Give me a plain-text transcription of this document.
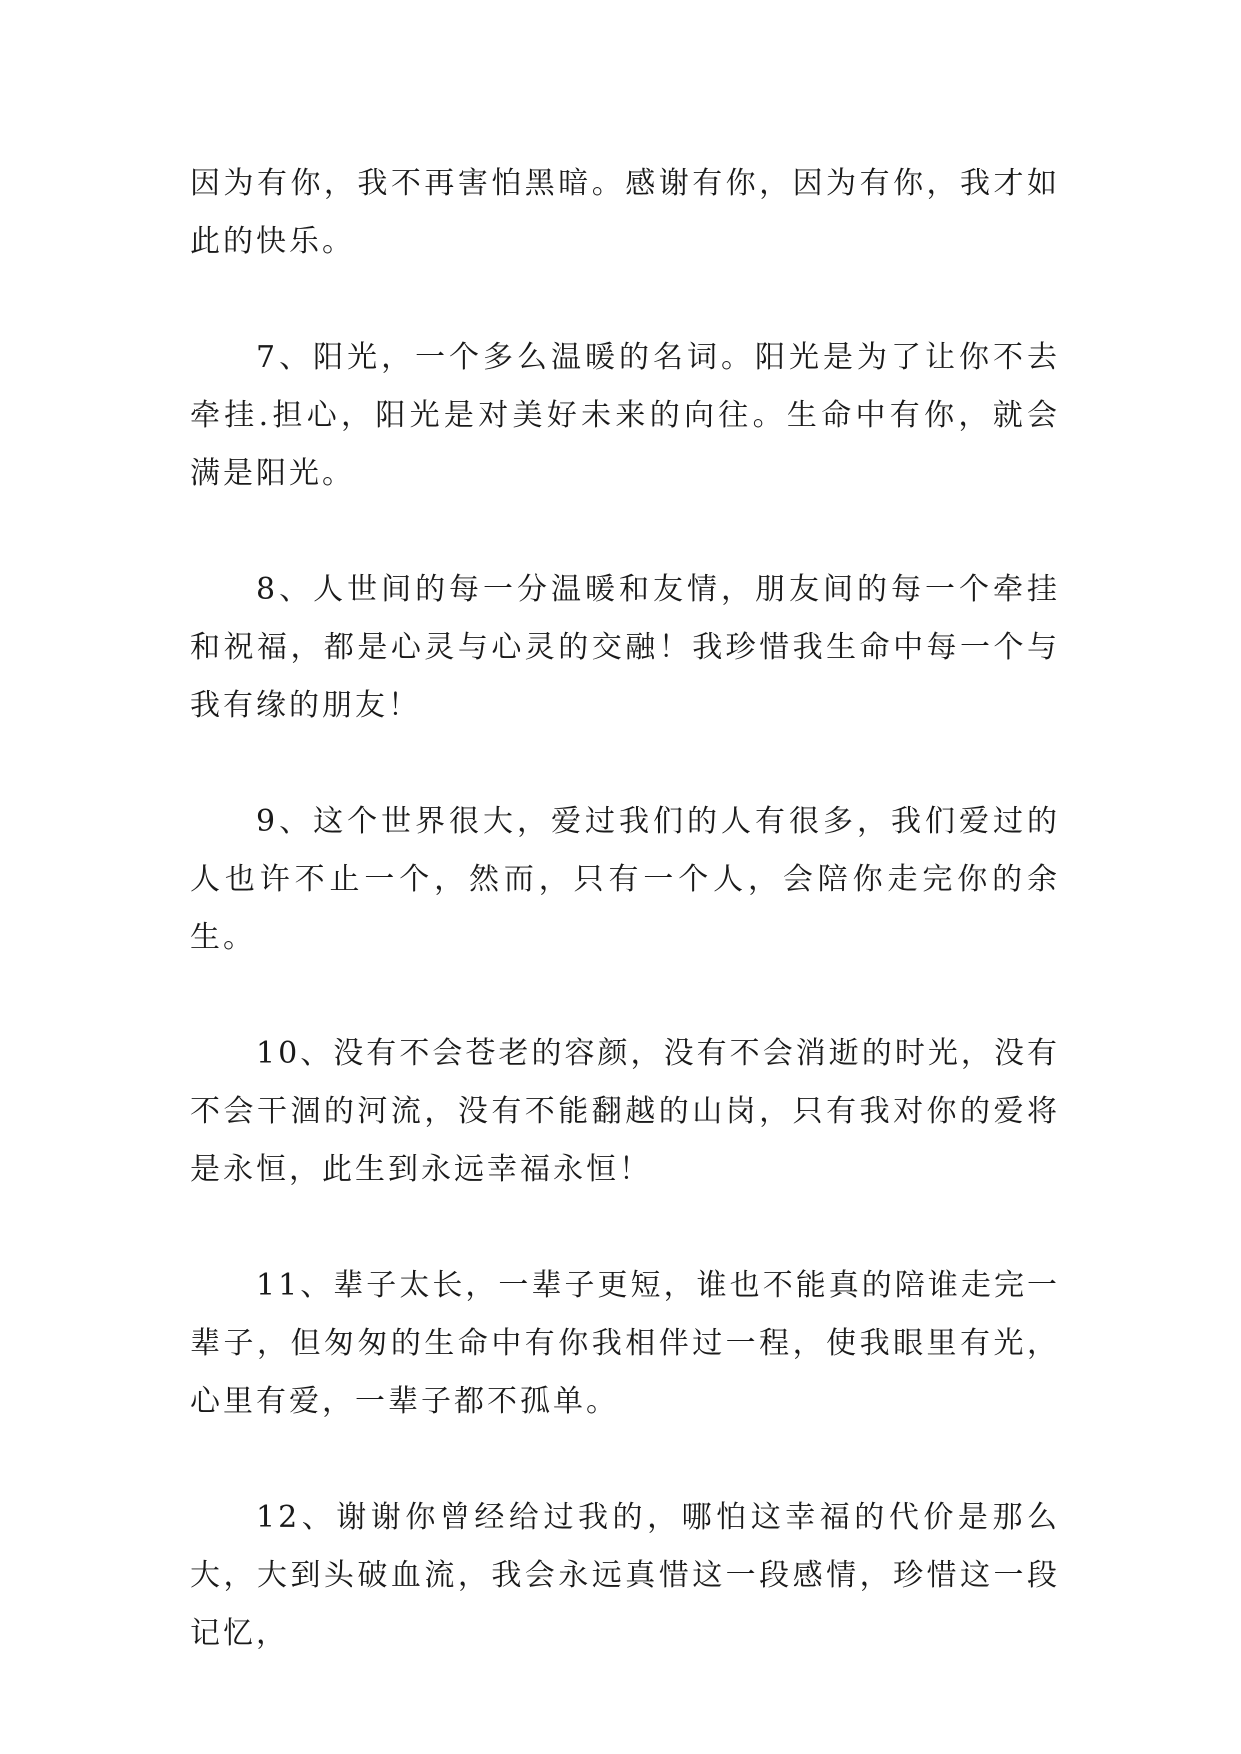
因为有你，我不再害怕黑暗。感谢有你，因为有你，我才如此的快乐。

7、阳光，一个多么温暖的名词。阳光是为了让你不去牵挂.担心，阳光是对美好未来的向往。生命中有你，就会满是阳光。

8、人世间的每一分温暖和友情，朋友间的每一个牵挂和祝福，都是心灵与心灵的交融！我珍惜我生命中每一个与我有缘的朋友！

9、这个世界很大，爱过我们的人有很多，我们爱过的人也许不止一个，然而，只有一个人，会陪你走完你的余生。

10、没有不会苍老的容颜，没有不会消逝的时光，没有不会干涸的河流，没有不能翻越的山岗，只有我对你的爱将是永恒，此生到永远幸福永恒！

11、辈子太长，一辈子更短，谁也不能真的陪谁走完一辈子，但匆匆的生命中有你我相伴过一程，使我眼里有光，心里有爱，一辈子都不孤单。

12、谢谢你曾经给过我的，哪怕这幸福的代价是那么大，大到头破血流，我会永远真惜这一段感情，珍惜这一段记忆，
